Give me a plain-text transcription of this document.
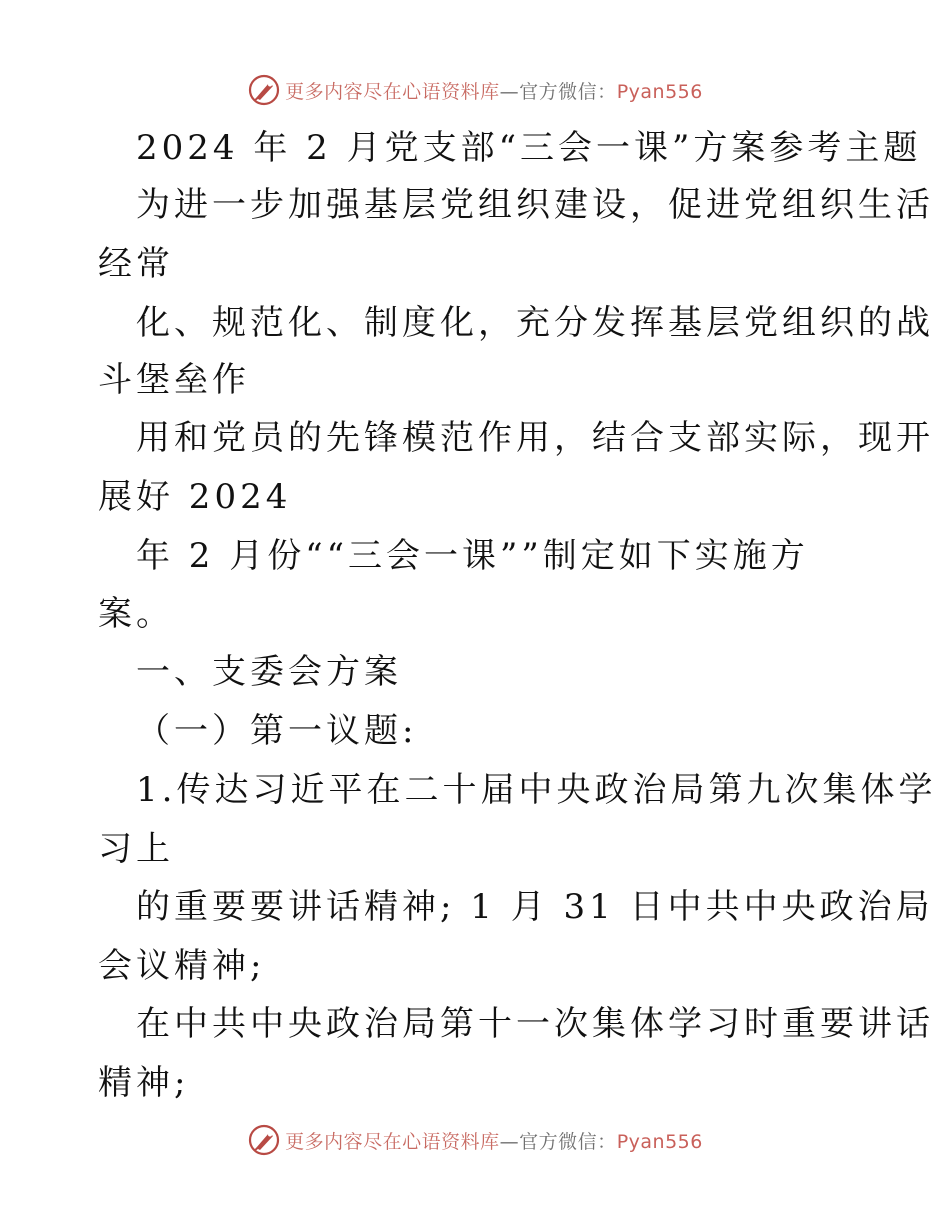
更多内容尽在心语资料库—官方微信：Pyan556
2024 年 2 月党支部“三会一课”方案参考主题
为进一步加强基层党组织建设，促进党组织生活
经常
化、规范化、制度化，充分发挥基层党组织的战
斗堡垒作
用和党员的先锋模范作用，结合支部实际，现开
展好 2024
年 2 月份““三会一课””制定如下实施方
案。
一、支委会方案
（一）第一议题:
1.传达习近平在二十届中央政治局第九次集体学
习上
的重要要讲话精神; 1 月 31 日中共中央政治局
会议精神;
在中共中央政治局第十一次集体学习时重要讲话
精神;
更多内容尽在心语资料库—官方微信：Pyan556
